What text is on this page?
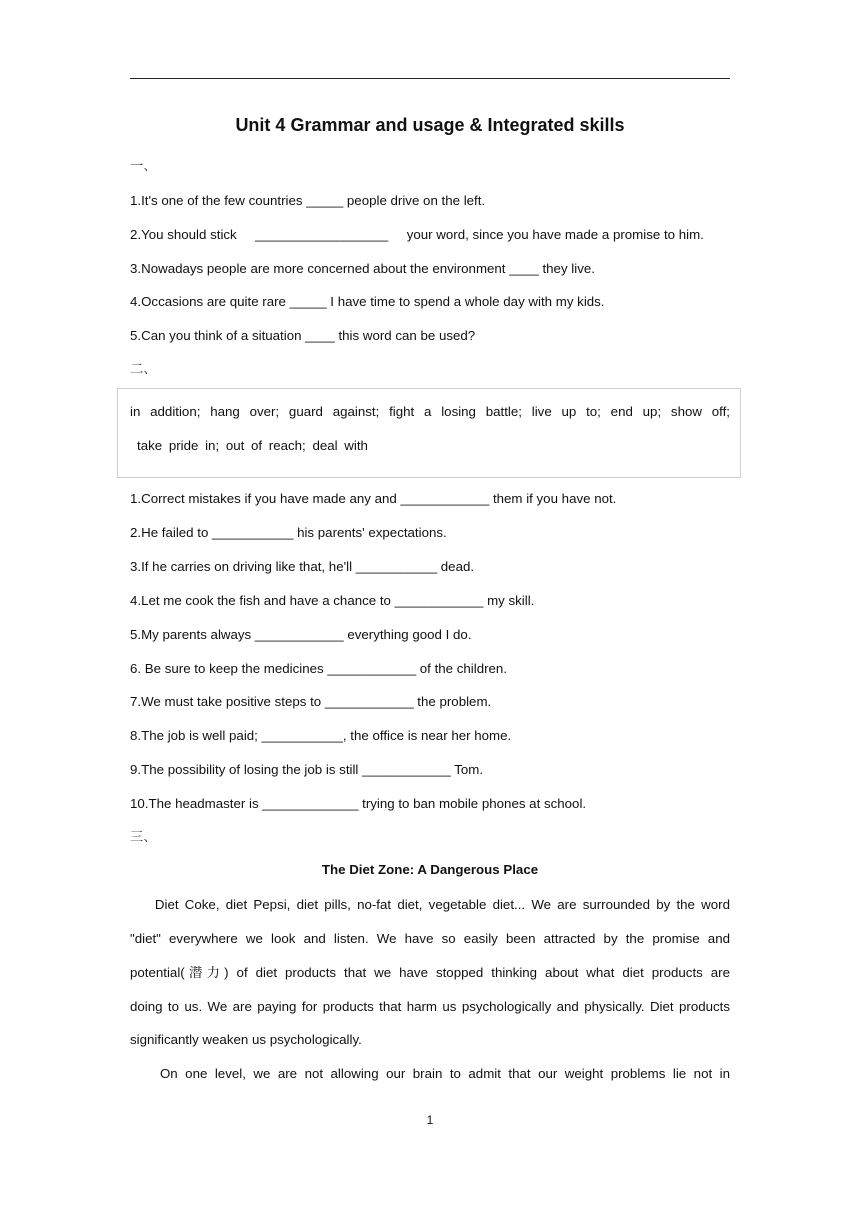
Unit 4 Grammar and usage & Integrated skills
一、
1.It's one of the few countries _____ people drive on the left.
2.You should stick     __________________     your word, since you have made a promise to him.
3.Nowadays people are more concerned about the environment ____ they live.
4.Occasions are quite rare _____ I have time to spend a whole day with my kids.
5.Can you think of a situation ____ this word can be used?
二、
in addition; hang over; guard against; fight a losing battle; live up to; end up; show off;
take pride in; out of reach; deal with
1.Correct mistakes if you have made any and ____________ them if you have not.
2.He failed to ___________ his parents' expectations.
3.If he carries on driving like that, he'll ___________ dead.
4.Let me cook the fish and have a chance to ____________ my skill.
5.My parents always ____________ everything good I do.
6. Be sure to keep the medicines ____________ of the children.
7.We must take positive steps to ____________ the problem.
8.The job is well paid; ___________, the office is near her home.
9.The possibility of losing the job is still ____________ Tom.
10.The headmaster is _____________ trying to ban mobile phones at school.
三、
The Diet Zone: A Dangerous Place
Diet Coke, diet Pepsi, diet pills, no-fat diet, vegetable diet... We are surrounded by the word
"diet" everywhere we look and listen. We have so easily been attracted by the promise and
potential(潜力) of diet products that we have stopped thinking about what diet products are
doing to us. We are paying for products that harm us psychologically and physically. Diet products
significantly weaken us psychologically.
On one level, we are not allowing our brain to admit that our weight problems lie not in
1
